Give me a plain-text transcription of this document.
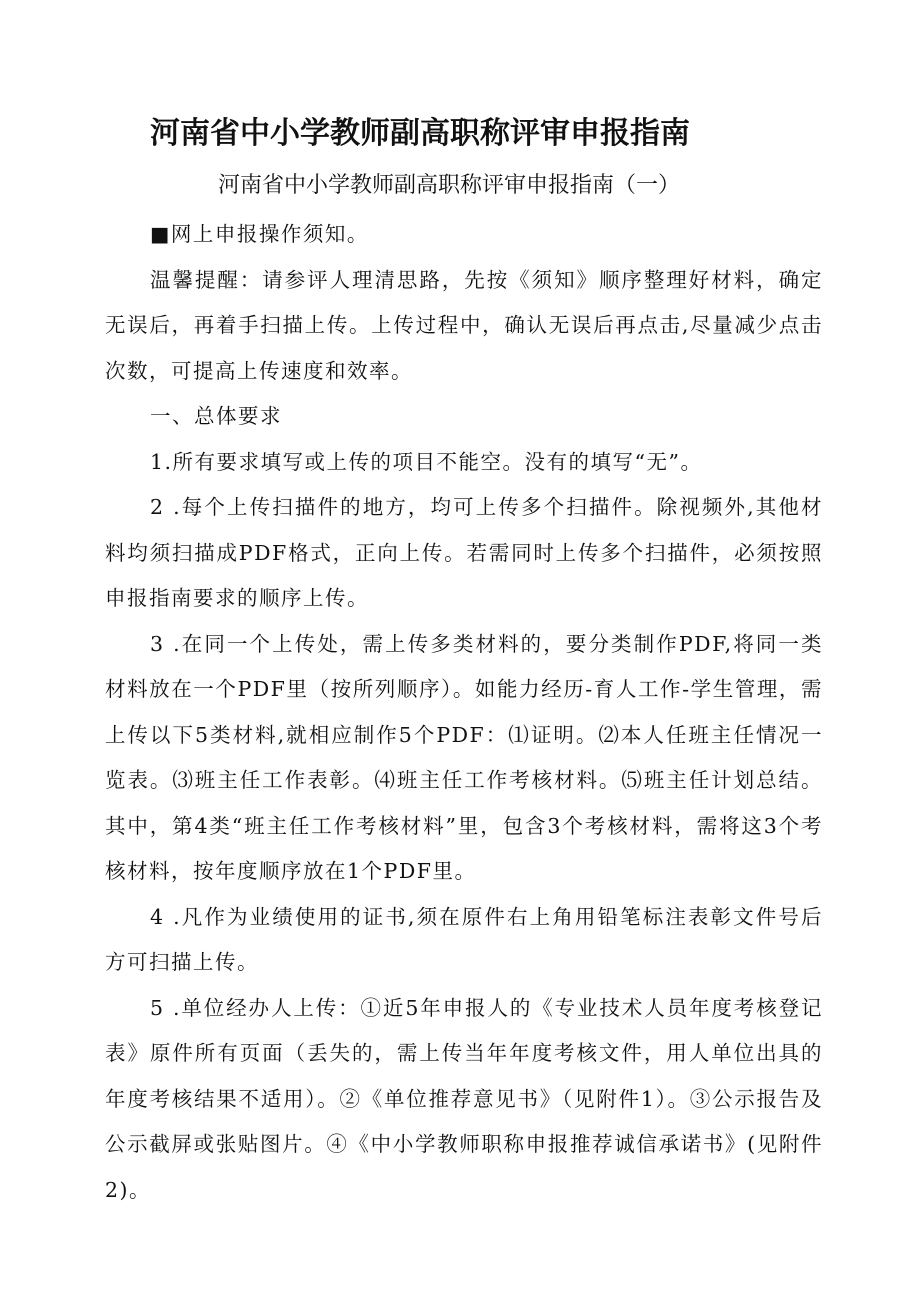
河南省中小学教师副高职称评审申报指南
河南省中小学教师副高职称评审申报指南（一）

■网上申报操作须知。

温馨提醒：请参评人理清思路，先按《须知》顺序整理好材料，确定无误后，再着手扫描上传。上传过程中，确认无误后再点击,尽量减少点击次数，可提高上传速度和效率。

一、总体要求

1.所有要求填写或上传的项目不能空。没有的填写“无”。

2 .每个上传扫描件的地方，均可上传多个扫描件。除视频外,其他材料均须扫描成PDF格式，正向上传。若需同时上传多个扫描件，必须按照申报指南要求的顺序上传。

3 .在同一个上传处，需上传多类材料的，要分类制作PDF,将同一类材料放在一个PDF里（按所列顺序）。如能力经历-育人工作-学生管理，需上传以下5类材料,就相应制作5个PDF：⑴证明。⑵本人任班主任情况一览表。⑶班主任工作表彰。⑷班主任工作考核材料。⑸班主任计划总结。其中，第4类“班主任工作考核材料”里，包含3个考核材料，需将这3个考核材料，按年度顺序放在1个PDF里。

4 .凡作为业绩使用的证书,须在原件右上角用铅笔标注表彰文件号后方可扫描上传。

5 .单位经办人上传：①近5年申报人的《专业技术人员年度考核登记表》原件所有页面（丢失的，需上传当年年度考核文件，用人单位出具的年度考核结果不适用）。②《单位推荐意见书》（见附件1）。③公示报告及公示截屏或张贴图片。④《中小学教师职称申报推荐诚信承诺书》(见附件2)。
